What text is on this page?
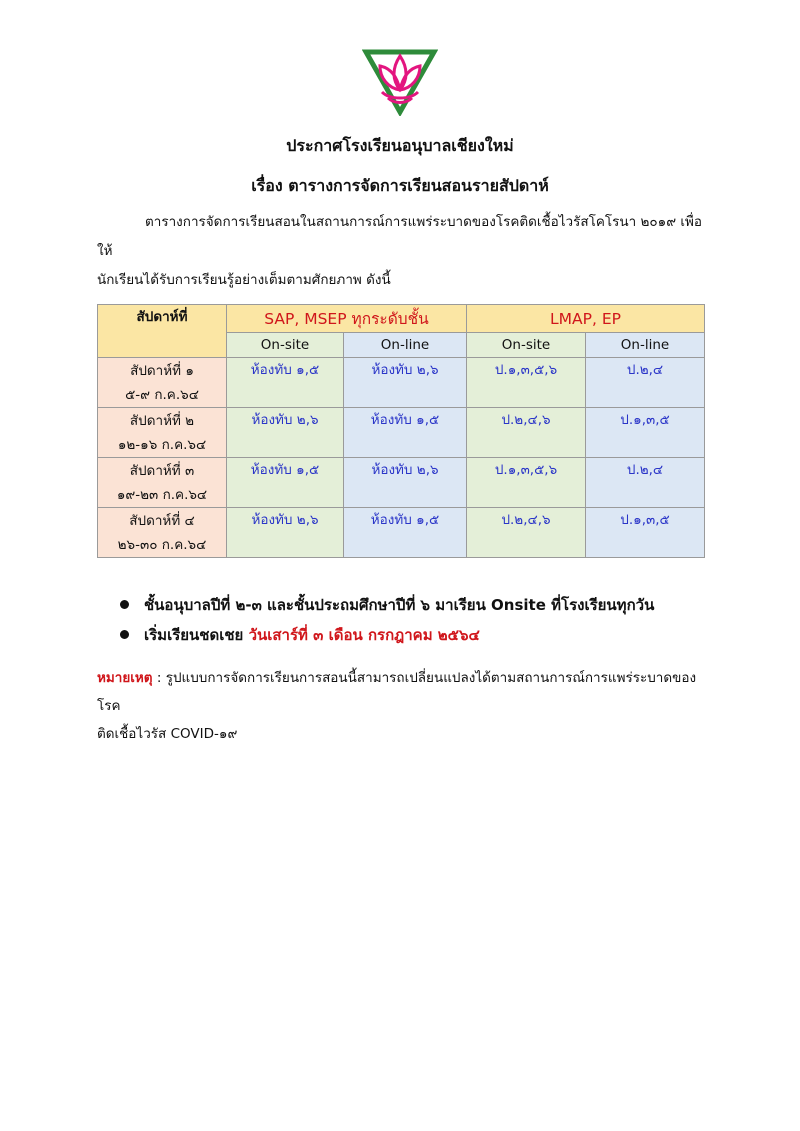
ประกาศโรงเรียนอนุบาลเชียงใหม่
เรื่อง ตารางการจัดการเรียนสอนรายสัปดาห์
ตารางการจัดการเรียนสอนในสถานการณ์การแพร่ระบาดของโรคติดเชื้อไวรัสโคโรนา ๒๐๑๙ เพื่อให้
นักเรียนได้รับการเรียนรู้อย่างเต็มตามศักยภาพ ดังนี้
สัปดาห์ที่	SAP, MSEP ทุกระดับชั้น		LMAP, EP	
	On-site	On-line	On-site	On-line
สัปดาห์ที่ ๑
๕-๙ ก.ค.๖๔	ห้องทับ ๑,๕	ห้องทับ ๒,๖	ป.๑,๓,๕,๖	ป.๒,๔
สัปดาห์ที่ ๒
๑๒-๑๖ ก.ค.๖๔	ห้องทับ ๒,๖	ห้องทับ ๑,๕	ป.๒,๔,๖	ป.๑,๓,๕
สัปดาห์ที่ ๓
๑๙-๒๓ ก.ค.๖๔	ห้องทับ ๑,๕	ห้องทับ ๒,๖	ป.๑,๓,๕,๖	ป.๒,๔
สัปดาห์ที่ ๔
๒๖-๓๐ ก.ค.๖๔	ห้องทับ ๒,๖	ห้องทับ ๑,๕	ป.๒,๔,๖	ป.๑,๓,๕
ชั้นอนุบาลปีที่ ๒-๓ และชั้นประถมศึกษาปีที่ ๖ มาเรียน Onsite ที่โรงเรียนทุกวัน
เริ่มเรียนชดเชย วันเสาร์ที่ ๓ เดือน กรกฎาคม ๒๕๖๔
หมายเหตุ : รูปแบบการจัดการเรียนการสอนนี้สามารถเปลี่ยนแปลงได้ตามสถานการณ์การแพร่ระบาดของโรค
ติดเชื้อไวรัส COVID-๑๙
